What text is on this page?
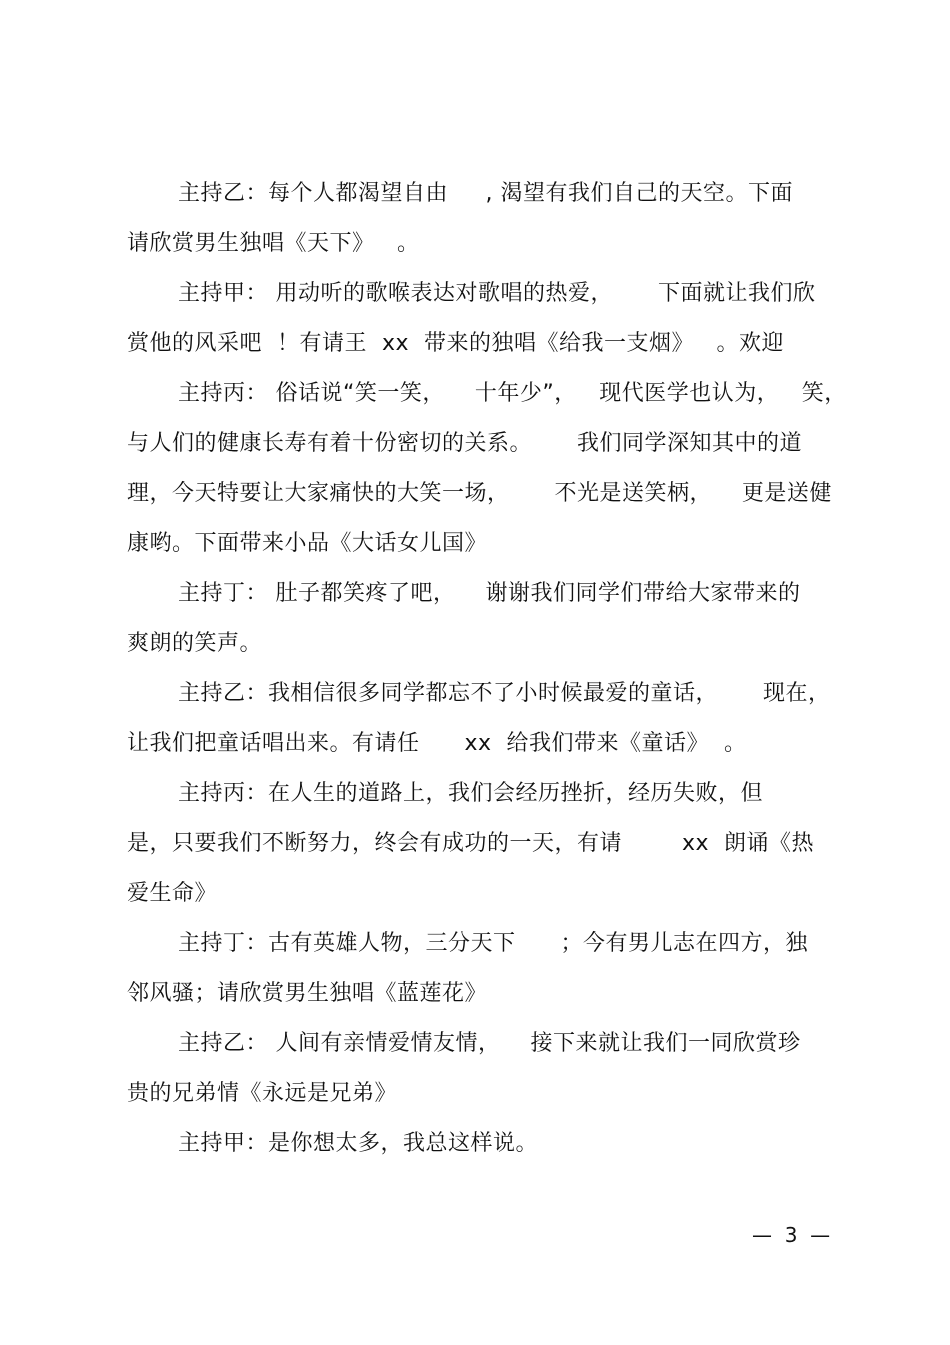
主持乙：每个人都渴望自由     , 渴望有我们自己的天空。下面
请欣赏男生独唱《天下》   。
主持甲： 用动听的歌喉表达对歌唱的热爱，      下面就让我们欣
赏他的风采吧  ！有请王  xx  带来的独唱《给我一支烟》   。欢迎
主持丙： 俗话说“笑一笑，    十年少”，   现代医学也认为，   笑，
与人们的健康长寿有着十份密切的关系。      我们同学深知其中的道
理，今天特要让大家痛快的大笑一场，      不光是送笑柄，    更是送健
康哟。下面带来小品《大话女儿国》
主持丁： 肚子都笑疼了吧，    谢谢我们同学们带给大家带来的
爽朗的笑声。
主持乙：我相信很多同学都忘不了小时候最爱的童话，      现在，
让我们把童话唱出来。有请任      xx  给我们带来《童话》  。
主持丙：在人生的道路上，我们会经历挫折，经历失败，但
是，只要我们不断努力，终会有成功的一天，有请        xx  朗诵《热
爱生命》
主持丁：古有英雄人物，三分天下      ；今有男儿志在四方，独
邻风骚；请欣赏男生独唱《蓝莲花》
主持乙： 人间有亲情爱情友情，    接下来就让我们一同欣赏珍
贵的兄弟情《永远是兄弟》
主持甲：是你想太多，我总这样说。
—  3  —
